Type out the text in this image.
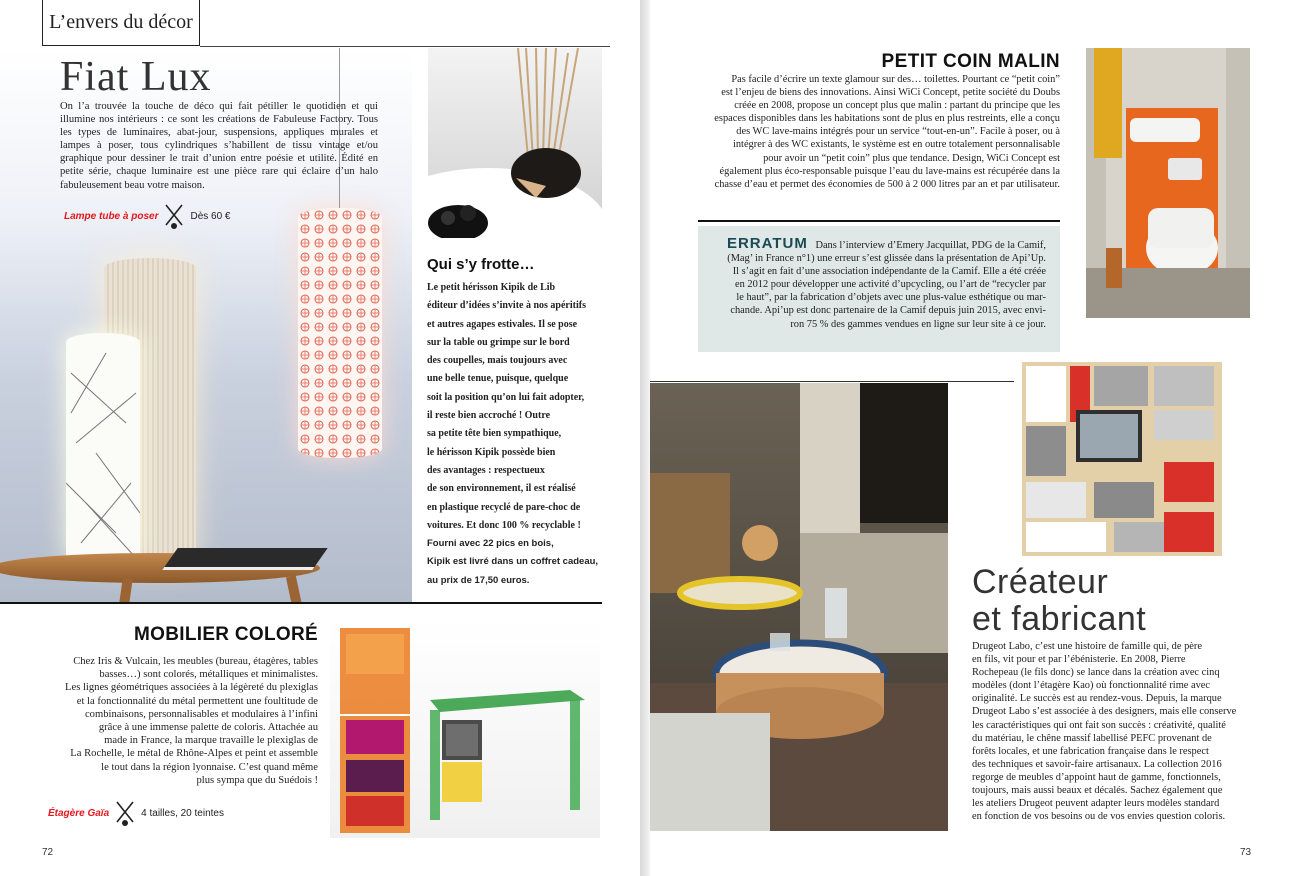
L’envers du décor
Fiat Lux
On l’a trouvée la touche de déco qui fait pétiller le quotidien et qui illumine nos intérieurs : ce sont les créations de Fabuleuse Factory. Tous les types de luminaires, abat-jour, suspensions, appliques murales et lampes à poser, tous cylindriques s’habillent de tissu vintage et/ou graphique pour dessiner le trait d’union entre poésie et utilité. Édité en petite série, chaque luminaire est une pièce rare qui éclaire d’un halo fabuleusement beau votre maison.
Lampe tube à poser	Dès 60 €
Qui s’y frotte…
Le petit hérisson Kipik de Lib
éditeur d’idées s’invite à nos apéritifs
et autres agapes estivales. Il se pose
sur la table ou grimpe sur le bord
des coupelles, mais toujours avec
une belle tenue, puisque, quelque
soit la position qu’on lui fait adopter,
il reste bien accroché ! Outre
sa petite tête bien sympathique,
le hérisson Kipik possède bien
des avantages : respectueux
de son environnement, il est réalisé
en plastique recyclé de pare-choc de
voitures. Et donc 100 % recyclable !
Fourni avec 22 pics en bois,
Kipik est livré dans un coffret cadeau,
au prix de 17,50 euros.
MOBILIER COLORÉ
Chez Iris & Vulcain, les meubles (bureau, étagères, tables
basses…) sont colorés, métalliques et minimalistes.
Les lignes géométriques associées à la légèreté du plexiglas
et la fonctionnalité du métal permettent une foultitude de
combinaisons, personnalisables et modulaires à l’infini
grâce à une immense palette de coloris. Attachée au
made in France, la marque travaille le plexiglas de
La Rochelle, le métal de Rhône-Alpes et peint et assemble
le tout dans la région lyonnaise. C’est quand même
plus sympa que du Suédois !
Étagère Gaïa	4 tailles, 20 teintes
72
PETIT COIN MALIN
Pas facile d’écrire un texte glamour sur des… toilettes. Pourtant ce “petit coin”
est l’enjeu de biens des innovations. Ainsi WiCi Concept, petite société du Doubs
créée en 2008, propose un concept plus que malin : partant du principe que les
espaces disponibles dans les habitations sont de plus en plus restreints, elle a conçu
des WC lave-mains intégrés pour un service “tout-en-un”. Facile à poser, ou à
intégrer à des WC existants, le système est en outre totalement personnalisable
pour avoir un “petit coin” plus que tendance. Design, WiCi Concept est
également plus éco-responsable puisque l’eau du lave-mains est récupérée dans la
chasse d’eau et permet des économies de 500 à 2 000 litres par an et par utilisateur.
ERRATUM Dans l’interview d’Emery Jacquillat, PDG de la Camif,
(Mag’ in France n°1) une erreur s’est glissée dans la présentation de Api’Up.
Il s’agit en fait d’une association indépendante de la Camif. Elle a été créée
en 2012 pour développer une activité d’upcycling, ou l’art de “recycler par
le haut”, par la fabrication d’objets avec une plus-value esthétique ou mar-
chande. Api’up est donc partenaire de la Camif depuis juin 2015, avec envi-
ron 75 % des gammes vendues en ligne sur leur site à ce jour.
Créateur
et fabricant
Drugeot Labo, c’est une histoire de famille qui, de père
en fils, vit pour et par l’ébénisterie. En 2008, Pierre
Rochepeau (le fils donc) se lance dans la création avec cinq
modèles (dont l’étagère Kao) où fonctionnalité rime avec
originalité. Le succès est au rendez-vous. Depuis, la marque
Drugeot Labo s’est associée à des designers, mais elle conserve
les caractéristiques qui ont fait son succès : créativité, qualité
du matériau, le chêne massif labellisé PEFC provenant de
forêts locales, et une fabrication française dans le respect
des techniques et savoir-faire artisanaux. La collection 2016
regorge de meubles d’appoint haut de gamme, fonctionnels,
toujours, mais aussi beaux et décalés. Sachez également que
les ateliers Drugeot peuvent adapter leurs modèles standard
en fonction de vos besoins ou de vos envies question coloris.
73
